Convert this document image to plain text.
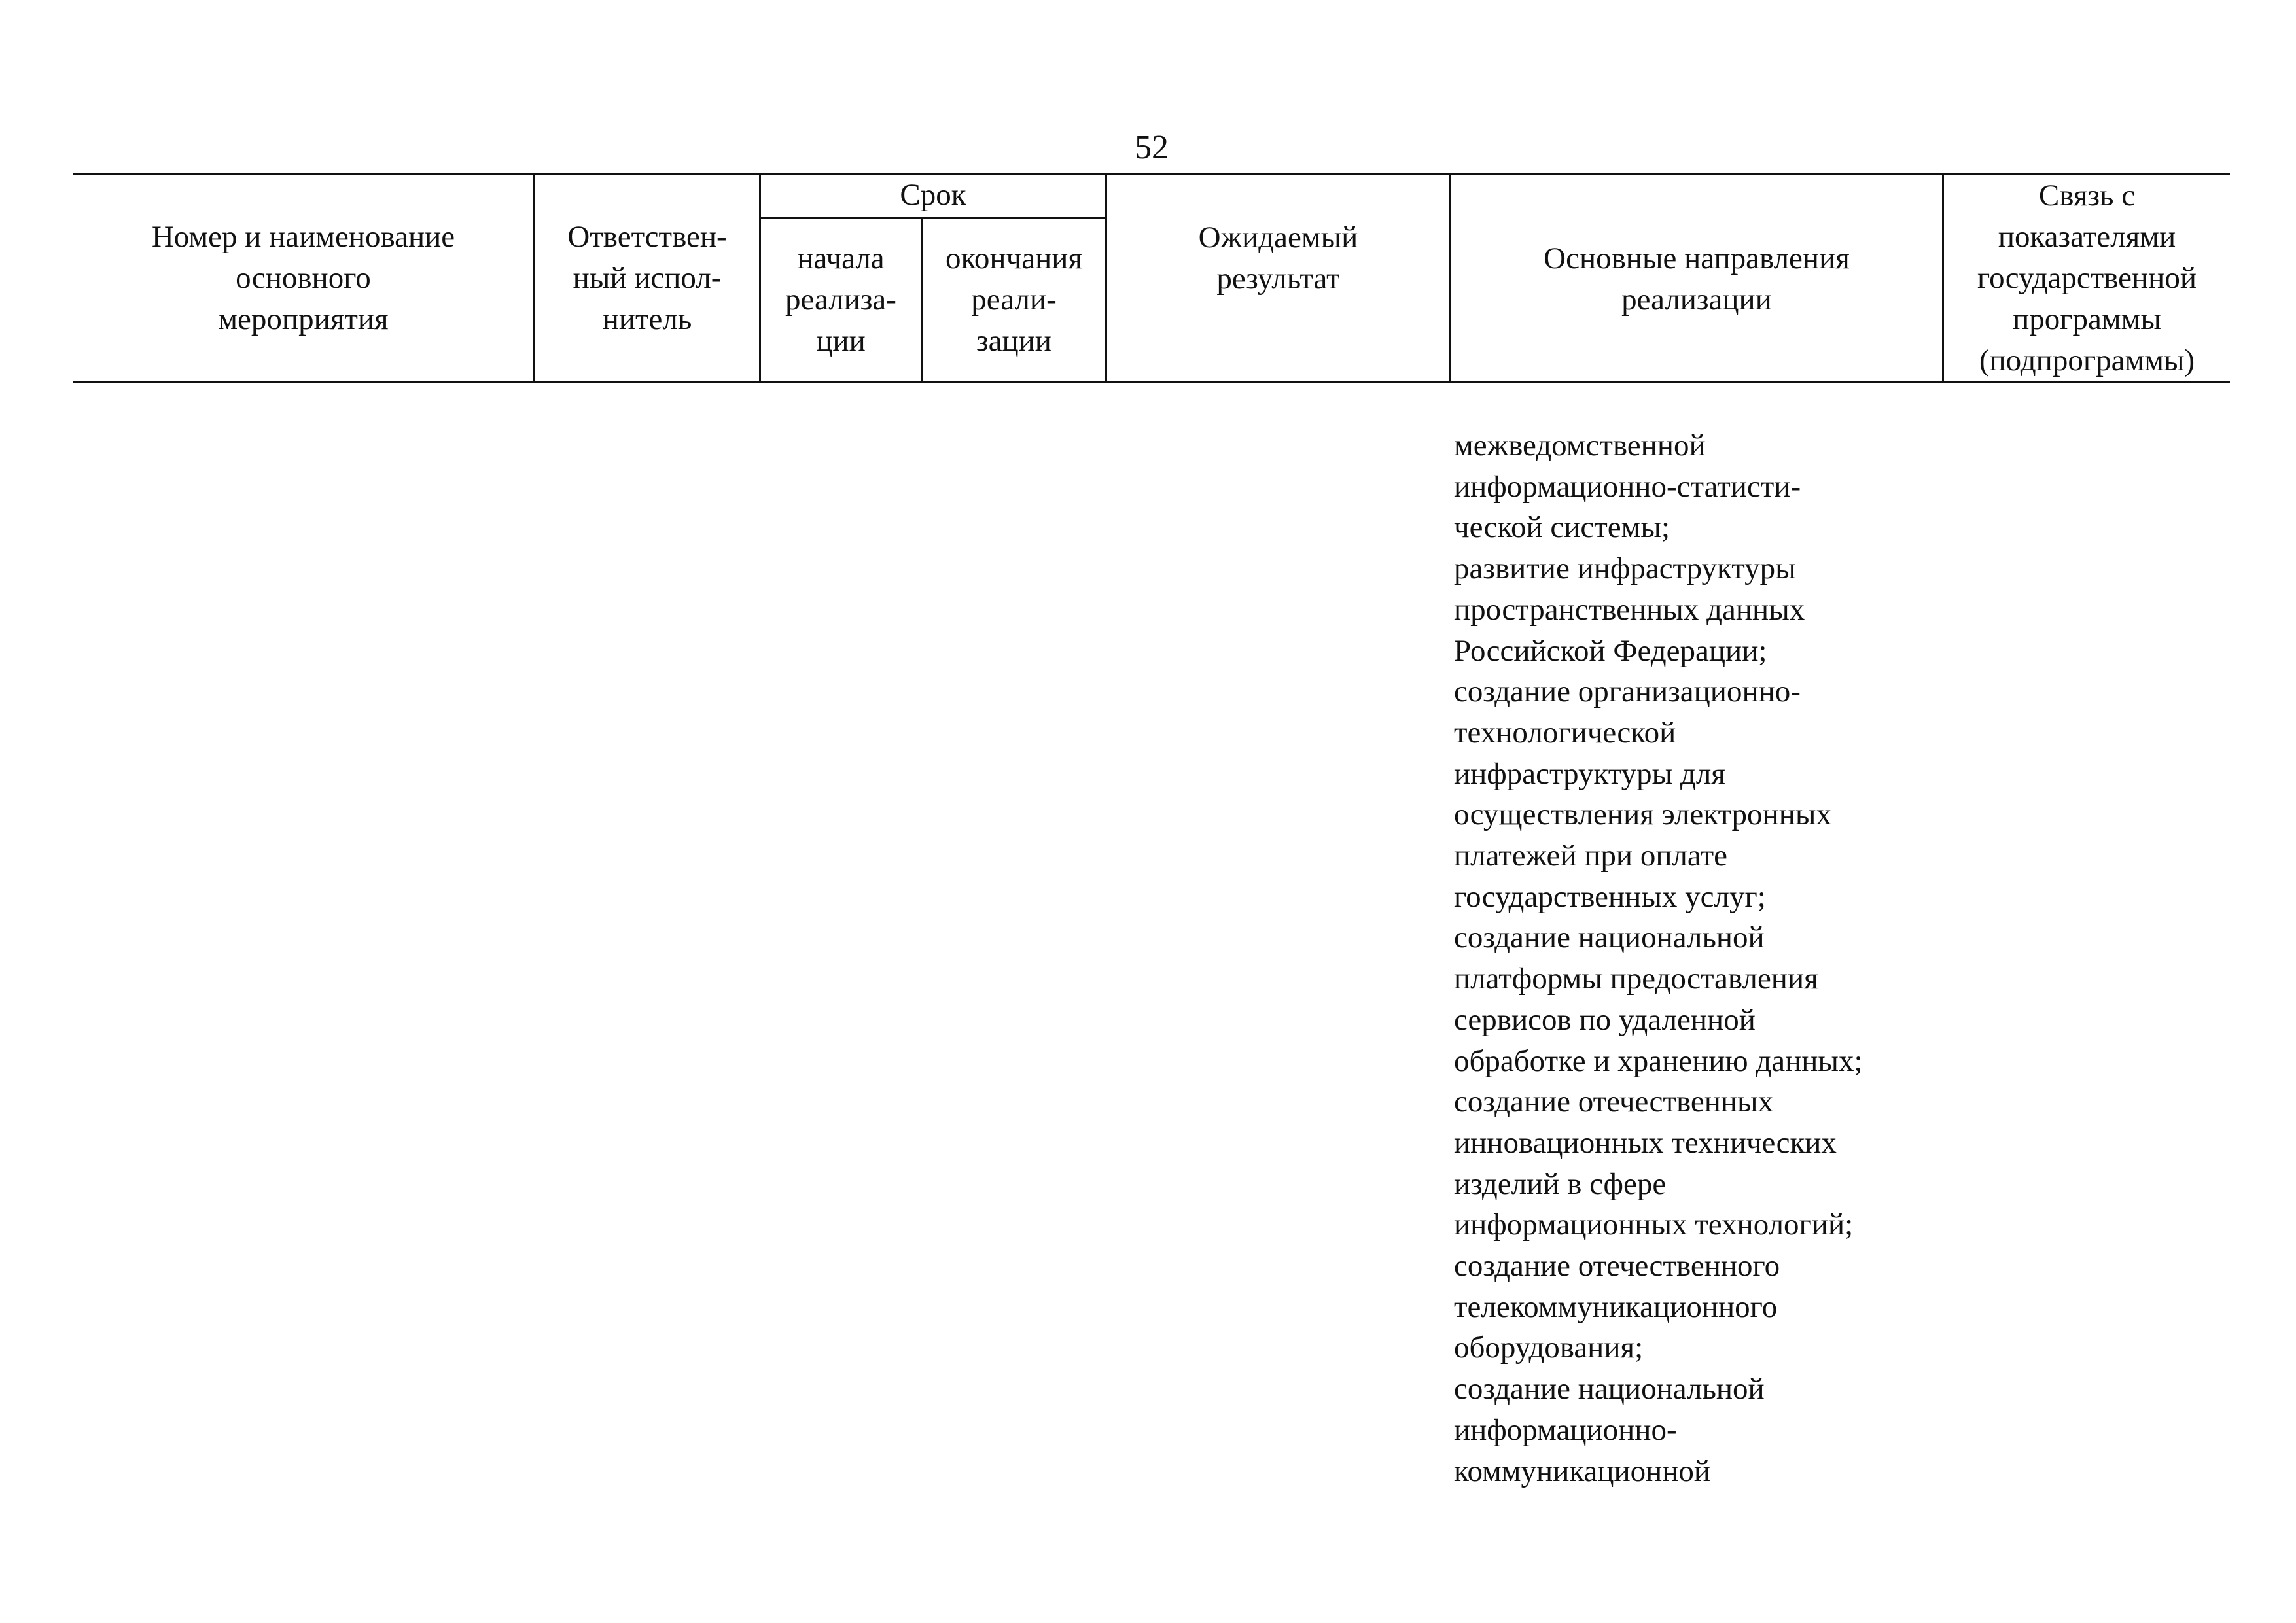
52
Номер и наименование
основного
мероприятия
Ответствен-
ный испол-
нитель
Срок
начала
реализа-
ции
окончания
реали-
зации
Ожидаемый
результат
Основные направления
реализации
Связь с
показателями
государственной
программы
(подпрограммы)
межведомственной
информационно-статисти-
ческой системы;
развитие инфраструктуры
пространственных данных
Российской Федерации;
создание организационно-
технологической
инфраструктуры для
осуществления электронных
платежей при оплате
государственных услуг;
создание национальной
платформы предоставления
сервисов по удаленной
обработке и хранению данных;
создание отечественных
инновационных технических
изделий в сфере
информационных технологий;
создание отечественного
телекоммуникационного
оборудования;
создание национальной
информационно-
коммуникационной
